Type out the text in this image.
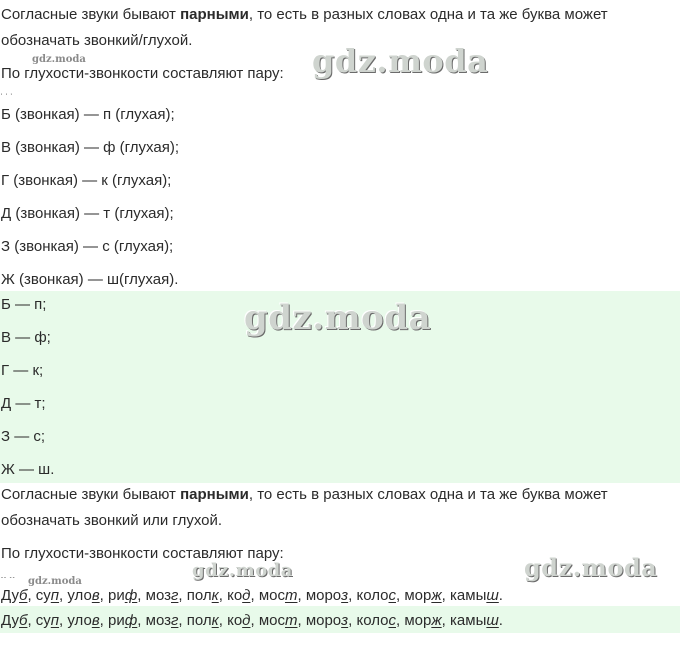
Согласные звуки бывают парными, то есть в разных словах одна и та же буква может
обозначать звонкий/глухой.
По глухости-звонкости составляют пару:
' ' '
Б (звонкая) — п (глухая);
В (звонкая) — ф (глухая);
Г (звонкая) — к (глухая);
Д (звонкая) — т (глухая);
З (звонкая) — с (глухая);
Ж (звонкая) — ш(глухая).
Б — п;
В — ф;
Г — к;
Д — т;
З — с;
Ж — ш.
Согласные звуки бывают парными, то есть в разных словах одна и та же буква может
обозначать звонкий или глухой.
По глухости-звонкости составляют пару:
-- --
Дуб, суп, улов, риф, мозг, полк, код, мост, мороз, колос, морж, камыш.
Дуб, суп, улов, риф, мозг, полк, код, мост, мороз, колос, морж, камыш.
gdz.moda
gdz.moda
gdz.moda
gdz.moda	gdz.moda
gdz.moda
